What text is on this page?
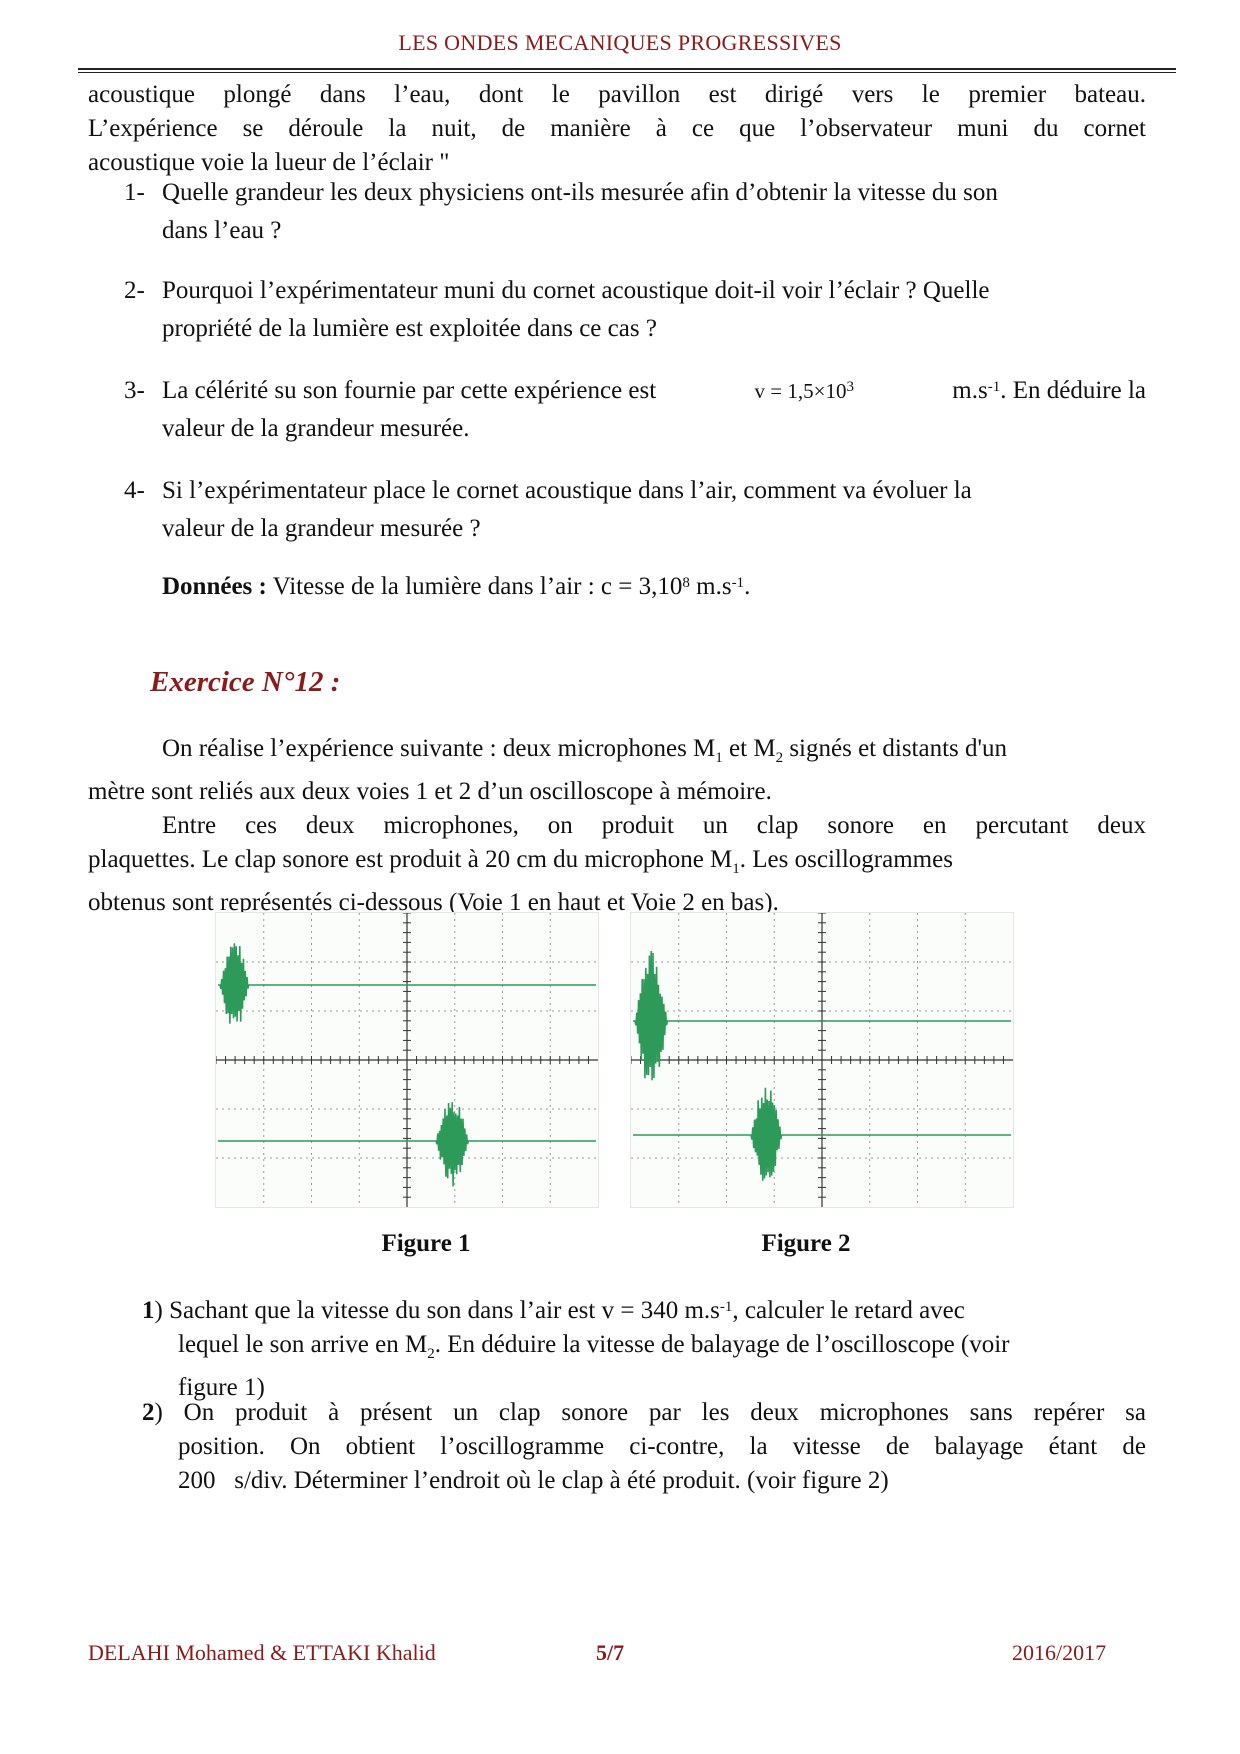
LES ONDES MECANIQUES PROGRESSIVES
acoustique plongé dans l’eau, dont le pavillon est dirigé vers le premier bateau.
L’expérience se déroule la nuit, de manière à ce que l’observateur muni du cornet
acoustique voie la lueur de l’éclair "
1- Quelle grandeur les deux physiciens ont-ils mesurée afin d’obtenir la vitesse du son
dans l’eau ?
2- Pourquoi l’expérimentateur muni du cornet acoustique doit-il voir l’éclair ? Quelle
propriété de la lumière est exploitée dans ce cas ?
3- La célérité su son fournie par cette expérience est	$v = 1,5\times 10^3$	$m.s^{-1}$. En déduire la
valeur de la grandeur mesurée.
4- Si l’expérimentateur place le cornet acoustique dans l’air, comment va évoluer la
valeur de la grandeur mesurée ?
Données : Vitesse de la lumière dans l’air : $c = 3,10^8$ $m.s^{-1}$.
Exercice N°12 :
On réalise l’expérience suivante : deux microphones $M_1$ et $M_2$ signés et distants d'un
mètre sont reliés aux deux voies 1 et 2 d’un oscilloscope à mémoire.
Entre ces deux microphones, on produit un clap sonore en percutant deux
plaquettes. Le clap sonore est produit à 20 cm du microphone $M_1$. Les oscillogrammes
obtenus sont représentés ci-dessous (Voie 1 en haut et Voie 2 en bas).
Figure 1	Figure 2
1) Sachant que la vitesse du son dans l’air est v = 340 $m.s^{-1}$, calculer le retard avec
lequel le son arrive en $M_2$. En déduire la vitesse de balayage de l’oscilloscope (voir
figure 1)
2) On produit à présent un clap sonore par les deux microphones sans repérer sa
position. On obtient l’oscillogramme ci-contre, la vitesse de balayage étant de
200   s/div. Déterminer l’endroit où le clap à été produit. (voir figure 2)
DELAHI Mohamed & ETTAKI Khalid	5/7	2016/2017
